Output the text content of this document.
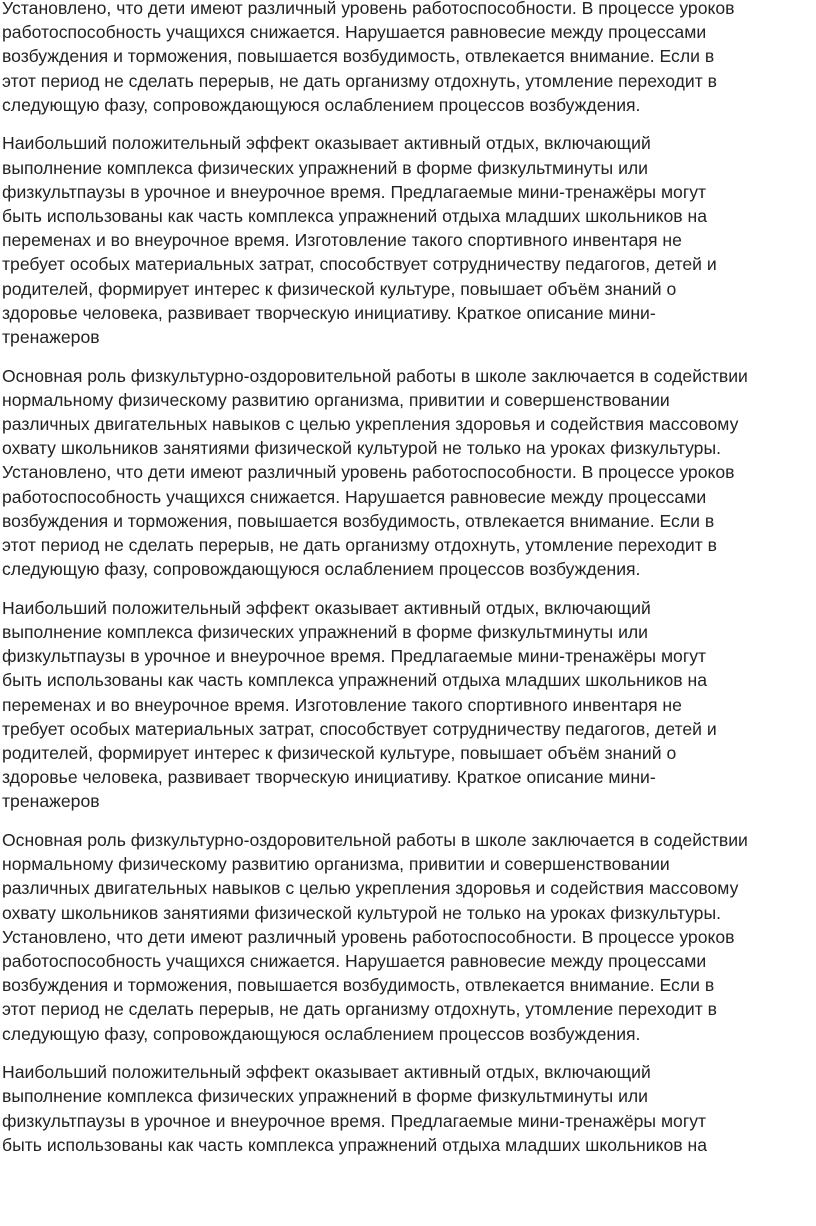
Установлено, что дети имеют различный уровень работоспособности. В процессе уроков
работоспособность учащихся снижается. Нарушается равновесие между процессами
возбуждения и торможения, повышается возбудимость, отвлекается внимание. Если в
этот период не сделать перерыв, не дать организму отдохнуть, утомление переходит в
следующую фазу, сопровождающуюся ослаблением процессов возбуждения.
Наибольший положительный эффект оказывает активный отдых, включающий
выполнение комплекса физических упражнений в форме физкультминуты или
физкультпаузы в урочное и внеурочное время. Предлагаемые мини-тренажёры могут
быть использованы как часть комплекса упражнений отдыха младших школьников на
переменах и во внеурочное время. Изготовление такого спортивного инвентаря не
требует особых материальных затрат, способствует сотрудничеству педагогов, детей и
родителей, формирует интерес к физической культуре, повышает объём знаний о
здоровье человека, развивает творческую инициативу. Краткое описание мини-
тренажеров
Основная роль физкультурно-оздоровительной работы в школе заключается в содействии
нормальному физическому развитию организма, привитии и совершенствовании
различных двигательных навыков с целью укрепления здоровья и содействия массовому
охвату школьников занятиями физической культурой не только на уроках физкультуры.
Установлено, что дети имеют различный уровень работоспособности. В процессе уроков
работоспособность учащихся снижается. Нарушается равновесие между процессами
возбуждения и торможения, повышается возбудимость, отвлекается внимание. Если в
этот период не сделать перерыв, не дать организму отдохнуть, утомление переходит в
следующую фазу, сопровождающуюся ослаблением процессов возбуждения.
Наибольший положительный эффект оказывает активный отдых, включающий
выполнение комплекса физических упражнений в форме физкультминуты или
физкультпаузы в урочное и внеурочное время. Предлагаемые мини-тренажёры могут
быть использованы как часть комплекса упражнений отдыха младших школьников на
переменах и во внеурочное время. Изготовление такого спортивного инвентаря не
требует особых материальных затрат, способствует сотрудничеству педагогов, детей и
родителей, формирует интерес к физической культуре, повышает объём знаний о
здоровье человека, развивает творческую инициативу. Краткое описание мини-
тренажеров
Основная роль физкультурно-оздоровительной работы в школе заключается в содействии
нормальному физическому развитию организма, привитии и совершенствовании
различных двигательных навыков с целью укрепления здоровья и содействия массовому
охвату школьников занятиями физической культурой не только на уроках физкультуры.
Установлено, что дети имеют различный уровень работоспособности. В процессе уроков
работоспособность учащихся снижается. Нарушается равновесие между процессами
возбуждения и торможения, повышается возбудимость, отвлекается внимание. Если в
этот период не сделать перерыв, не дать организму отдохнуть, утомление переходит в
следующую фазу, сопровождающуюся ослаблением процессов возбуждения.
Наибольший положительный эффект оказывает активный отдых, включающий
выполнение комплекса физических упражнений в форме физкультминуты или
физкультпаузы в урочное и внеурочное время. Предлагаемые мини-тренажёры могут
быть использованы как часть комплекса упражнений отдыха младших школьников на
